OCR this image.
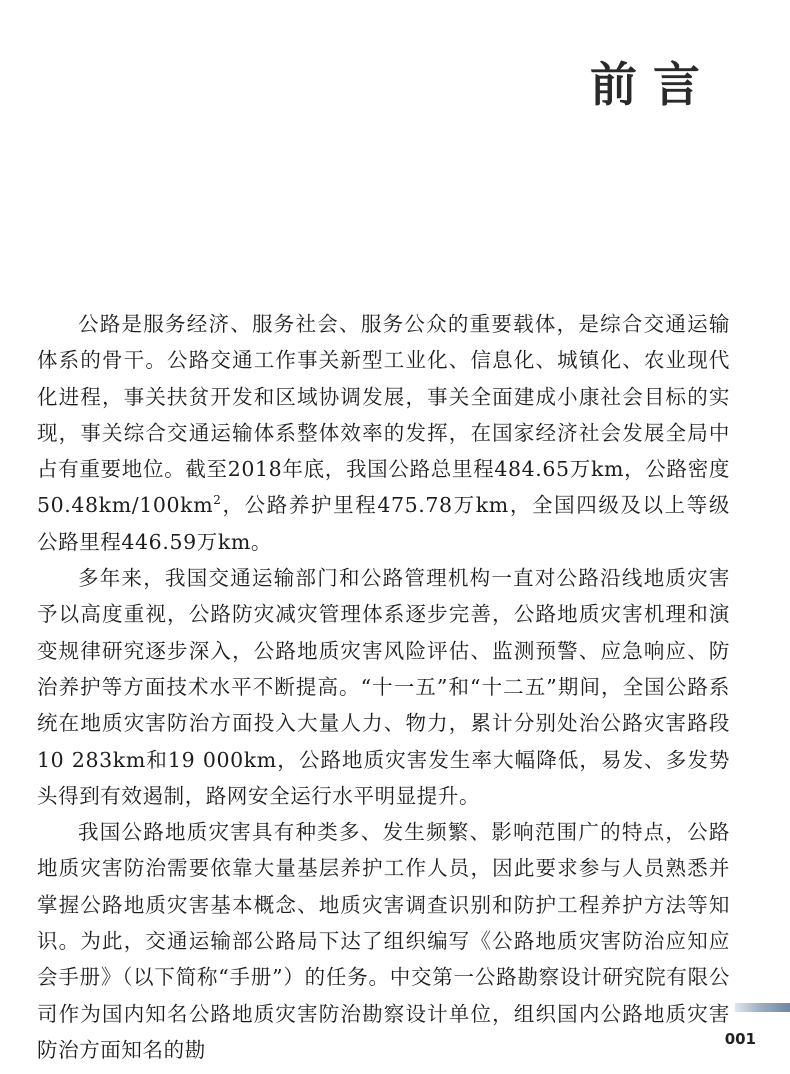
前言

公路是服务经济、服务社会、服务公众的重要载体，是综合交通运输体系的骨干。公路交通工作事关新型工业化、信息化、城镇化、农业现代化进程，事关扶贫开发和区域协调发展，事关全面建成小康社会目标的实现，事关综合交通运输体系整体效率的发挥，在国家经济社会发展全局中占有重要地位。截至2018年底，我国公路总里程484.65万km，公路密度$50.48km/100km^2$，公路养护里程475.78万km，全国四级及以上等级公路里程446.59万km。

多年来，我国交通运输部门和公路管理机构一直对公路沿线地质灾害予以高度重视，公路防灾减灾管理体系逐步完善，公路地质灾害机理和演变规律研究逐步深入，公路地质灾害风险评估、监测预警、应急响应、防治养护等方面技术水平不断提高。“十一五”和“十二五”期间，全国公路系统在地质灾害防治方面投入大量人力、物力，累计分别处治公路灾害路段10 283km和19 000km，公路地质灾害发生率大幅降低，易发、多发势头得到有效遏制，路网安全运行水平明显提升。

我国公路地质灾害具有种类多、发生频繁、影响范围广的特点，公路地质灾害防治需要依靠大量基层养护工作人员，因此要求参与人员熟悉并掌握公路地质灾害基本概念、地质灾害调查识别和防护工程养护方法等知识。为此，交通运输部公路局下达了组织编写《公路地质灾害防治应知应会手册》（以下简称“手册”）的任务。中交第一公路勘察设计研究院有限公司作为国内知名公路地质灾害防治勘察设计单位，组织国内公路地质灾害防治方面知名的勘	001
